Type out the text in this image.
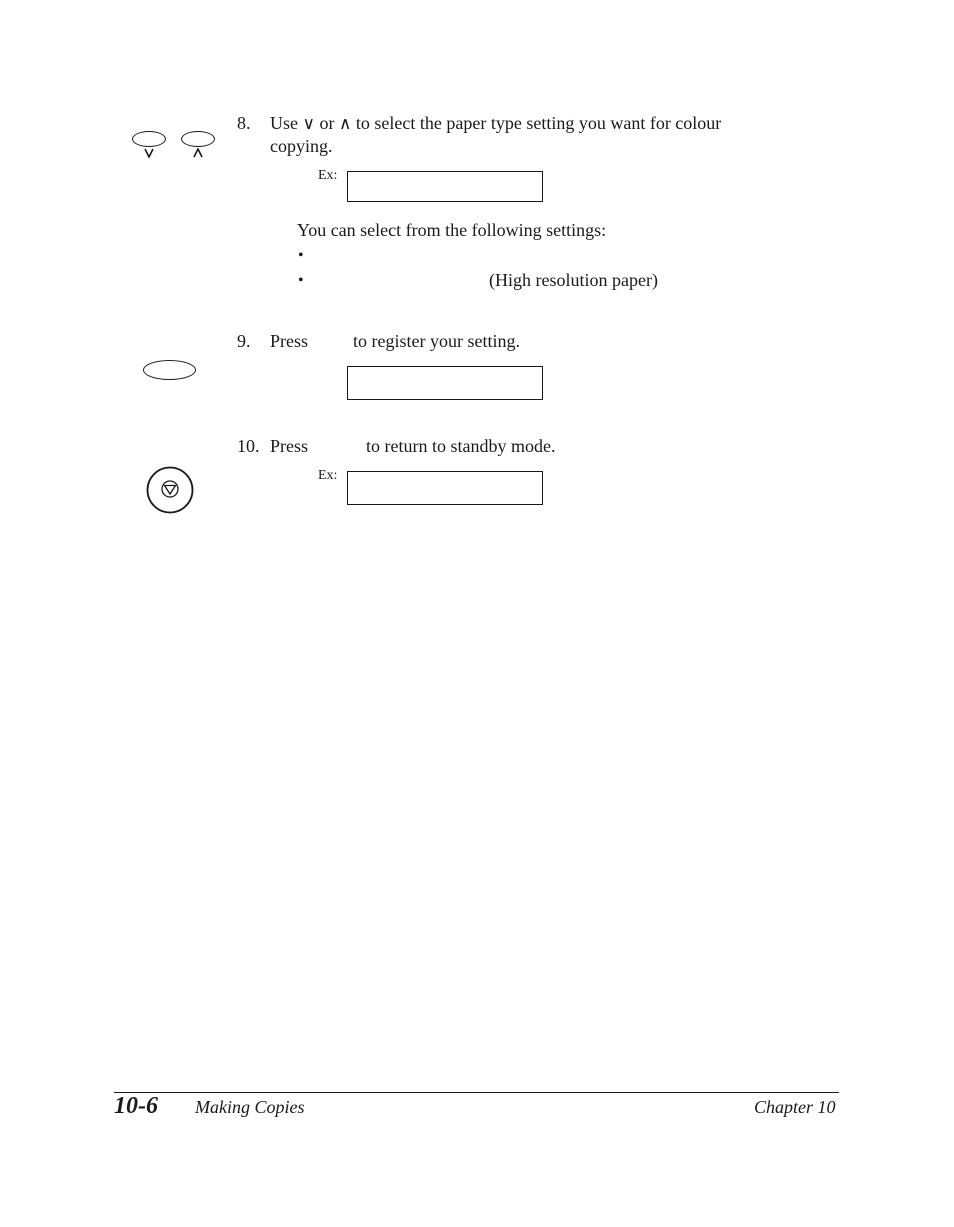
8. Use ∨ or ∧ to select the paper type setting you want for colour
copying.
Ex:
You can select from the following settings:
•
•	(High resolution paper)
9. Press to register your setting.
10. Press	to return to standby mode.
Ex:
10-6 Making Copies	Chapter 10
